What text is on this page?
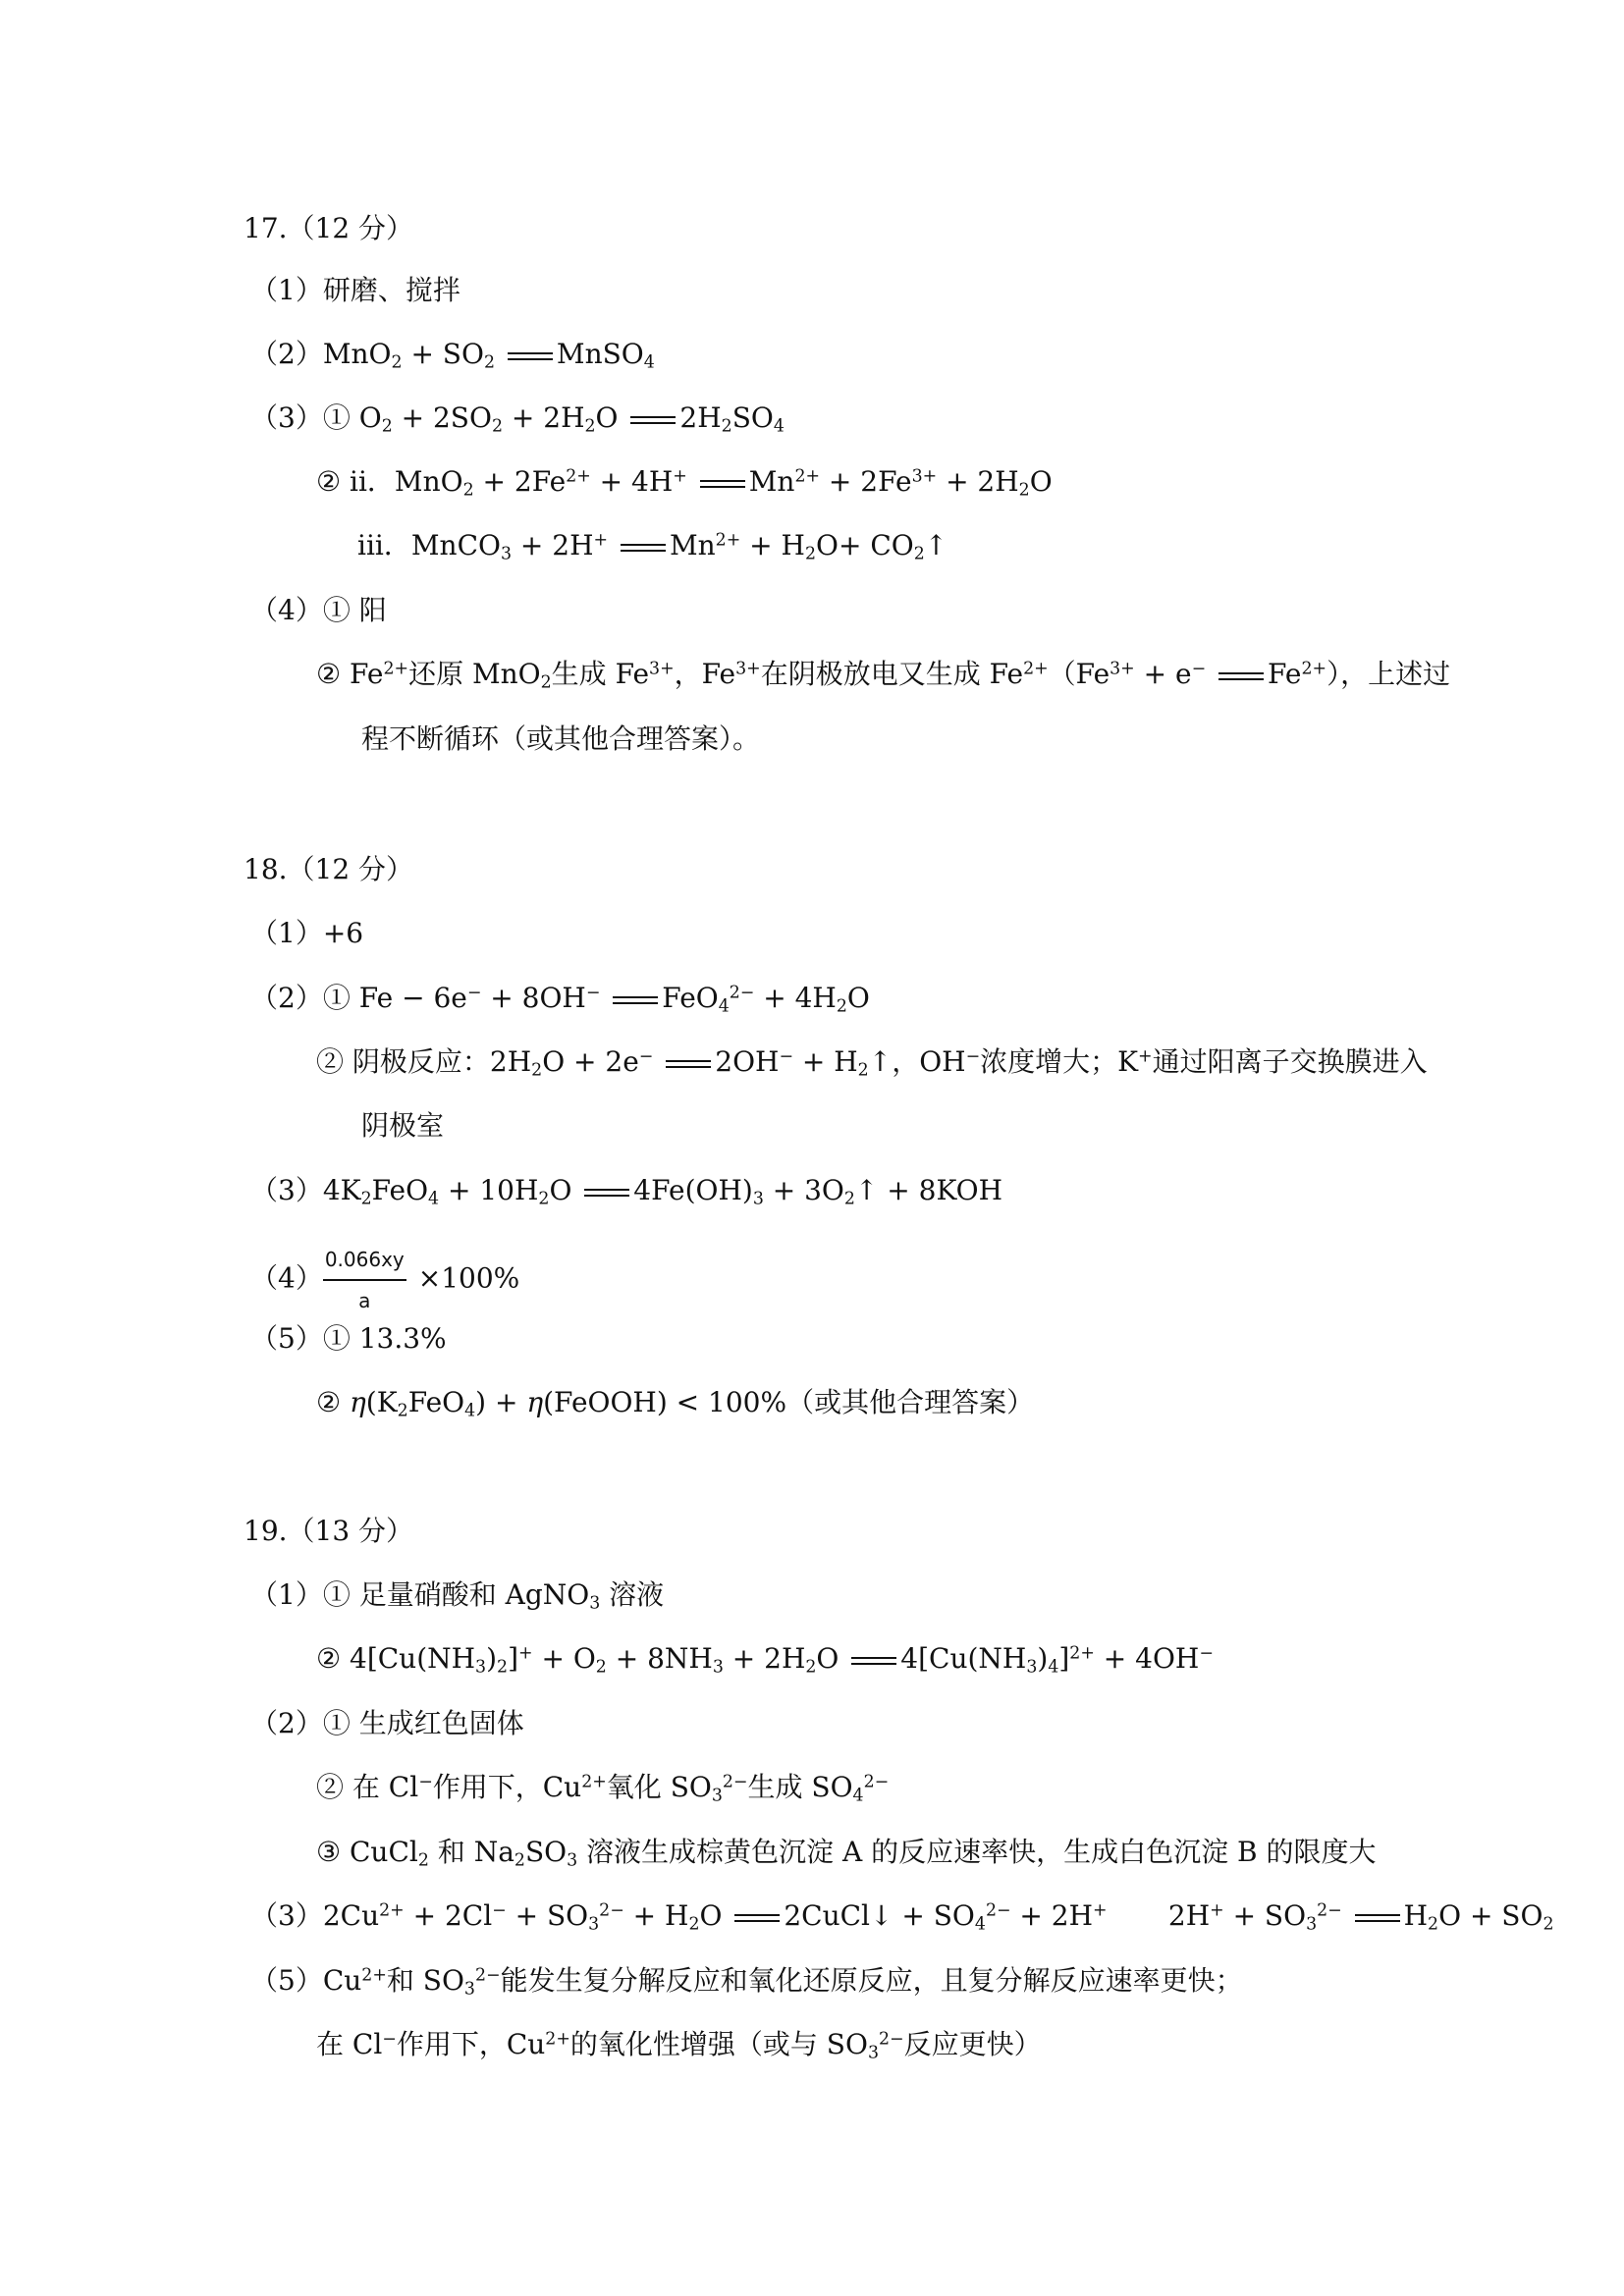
17.（12 分）
（1）研磨、搅拌
$(2)MnO_2 + SO_2$ MnSO$_4$
（3）① $O_2 + 2SO_2 + 2H_2O$ $2H_2SO_4$
② ii．$MnO_2 + 2Fe^{2+} + 4H^+$ $Mn^{2+} + 2Fe^{3+} + 2H_2O$
iii．MnCO$_3$ + 2H+ $Mn^{2+} + H_2O+$ $CO_2↑$
（4）① 阳
② $Fe^{2+}$还原 MnO$_2$生成 $Fe^{3+}$，$Fe^{3+}$在阴极放电又生成 $Fe^{2+}(Fe^{3+} + e^-$ $Fe^{2+}$），上述过
程不断循环（或其他合理答案）。
18.（12 分）
（1）+6
（2）① Fe − 6e− + 8OH− $FeO_4^{2-} + 4H_2O$
② 阴极反应：$2H_2O + 2e^-$ $2OH^- + H_2↑$ ，OH−浓度增大；K+通过阳离子交换膜进入
阴极室
$(3)4K_2FeO_4 + 10H_2O$ $4Fe(OH)_3$ + $3O_2↑ + 8KOH$
$(4) \frac{0.066xy}{a} \times 100\%$
（5）① 13.3%
② $\eta(K_2FeO_4)$ + η(FeOOH) < 100%（或其他合理答案）
19.（13 分）
（1）① 足量硝酸和 AgNO$_3$ 溶液
② $4[Cu(NH_3)_2]^+ + O_2 + 8NH_3 + 2H_2O$ $4[Cu(NH_3)_4]^{2+} + 4OH^-$
（2）① 生成红色固体
② 在 Cl−作用下，$Cu^{2+}$氧化 $SO_3^{2-}$生成 $SO_4^{2-}$
③ CuCl$_2$ 和 $Na_2SO_3$ 溶液生成棕黄色沉淀 A 的反应速率快，生成白色沉淀 B 的限度大
$(3)2Cu^{2+} + 2Cl^- + SO_3^{2-} + H_2O$ 2CuCl↓ + $SO_4^{2-} + 2H^+$       $2H^+ + SO_3^{2-}$ $H_2O + SO_2$
$(5)Cu^{2+}$和 $SO_3^{2-}$能发生复分解反应和氧化还原反应，且复分解反应速率更快；
在 Cl−作用下，$Cu^{2+}$的氧化性增强（或与 $SO_3^{2-}$反应更快）
